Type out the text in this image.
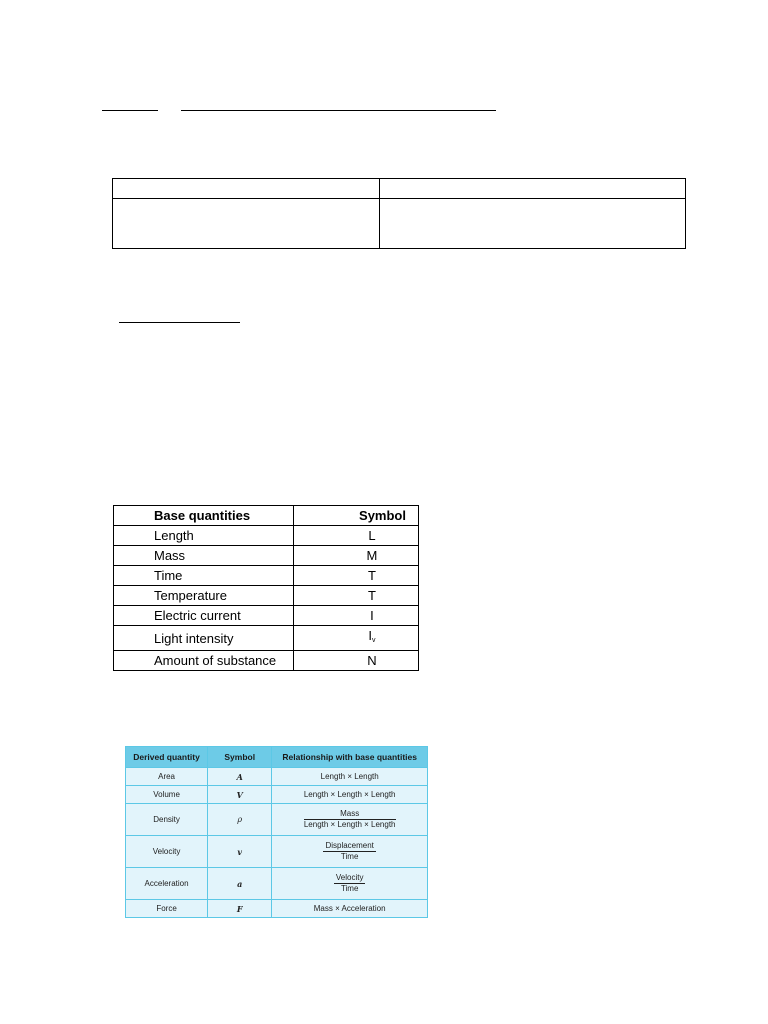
Base quantities	Symbol
Length	L
Mass	M
Time	T
Temperature	T
Electric current	I
Light intensity	Iv
Amount of substance	N
Derived quantity	Symbol	Relationship with base quantities
Area	A	Length × Length
Volume	V	Length × Length × Length
Density	ρ	$\frac{\text{Mass}}{\text{Length × Length × Length}}$

Velocity	v	$\frac{\text{Displacement}}{\text{Time}}$

Acceleration	a	$\frac{\text{Velocity}}{\text{Time}}$

Force	F	Mass × Acceleration
